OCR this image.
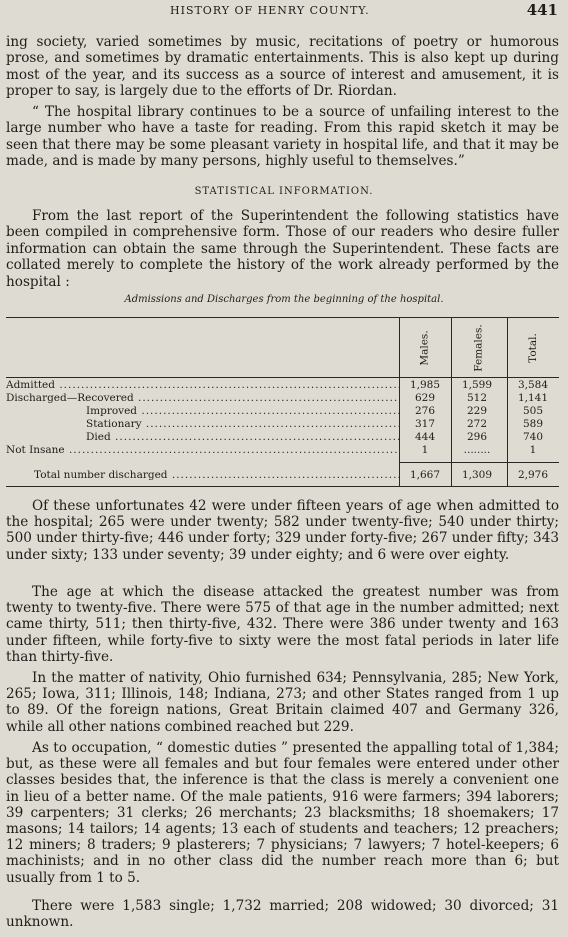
HISTORY OF HENRY COUNTY.	441

ing society, varied sometimes by music, recitations of poetry or humorous prose, and sometimes by dramatic entertainments. This is also kept up during most of the year, and its success as a source of interest and amusement, it is proper to say, is largely due to the efforts of Dr. Riordan.

“ The hospital library continues to be a source of unfailing interest to the large number who have a taste for reading. From this rapid sketch it may be seen that there may be some pleasant variety in hospital life, and that it may be made, and is made by many persons, highly useful to themselves.”

STATISTICAL INFORMATION.

From the last report of the Superintendent the following statistics have been compiled in comprehensive form. Those of our readers who desire fuller information can obtain the same through the Superintendent. These facts are collated merely to complete the history of the work already performed by the hospital :

Admissions and Discharges from the beginning of the hospital.
Males.	Females.	Total.
Admitted .....	1,985	1,599	3,584
Discharged—Recovered .....	629	512	1,141
Improved .....	276	229	505
Stationary .....	317	272	589
Died .....	444	296	740
Not Insane .....	1	........	1
Total number discharged .....	1,667	1,309	2,976

Of these unfortunates 42 were under fifteen years of age when admitted to the hospital; 265 were under twenty; 582 under twenty-five; 540 under thirty; 500 under thirty-five; 446 under forty; 329 under forty-five; 267 under fifty; 343 under sixty; 133 under seventy; 39 under eighty; and 6 were over eighty.

The age at which the disease attacked the greatest number was from twenty to twenty-five. There were 575 of that age in the number admitted; next came thirty, 511; then thirty-five, 432. There were 386 under twenty and 163 under fifteen, while forty-five to sixty were the most fatal periods in later life than thirty-five.

In the matter of nativity, Ohio furnished 634; Pennsylvania, 285; New York, 265; Iowa, 311; Illinois, 148; Indiana, 273; and other States ranged from 1 up to 89. Of the foreign nations, Great Britain claimed 407 and Germany 326, while all other nations combined reached but 229.

As to occupation, “ domestic duties ” presented the appalling total of 1,384; but, as these were all females and but four females were entered under other classes besides that, the inference is that the class is merely a convenient one in lieu of a better name. Of the male patients, 916 were farmers; 394 laborers; 39 carpenters; 31 clerks; 26 merchants; 23 blacksmiths; 18 shoemakers; 17 masons; 14 tailors; 14 agents; 13 each of students and teachers; 12 preachers; 12 miners; 8 traders; 9 plasterers; 7 physicians; 7 lawyers; 7 hotel-keepers; 6 machinists; and in no other class did the number reach more than 6; but usually from 1 to 5.

There were 1,583 single; 1,732 married; 208 widowed; 30 divorced; 31 unknown.
